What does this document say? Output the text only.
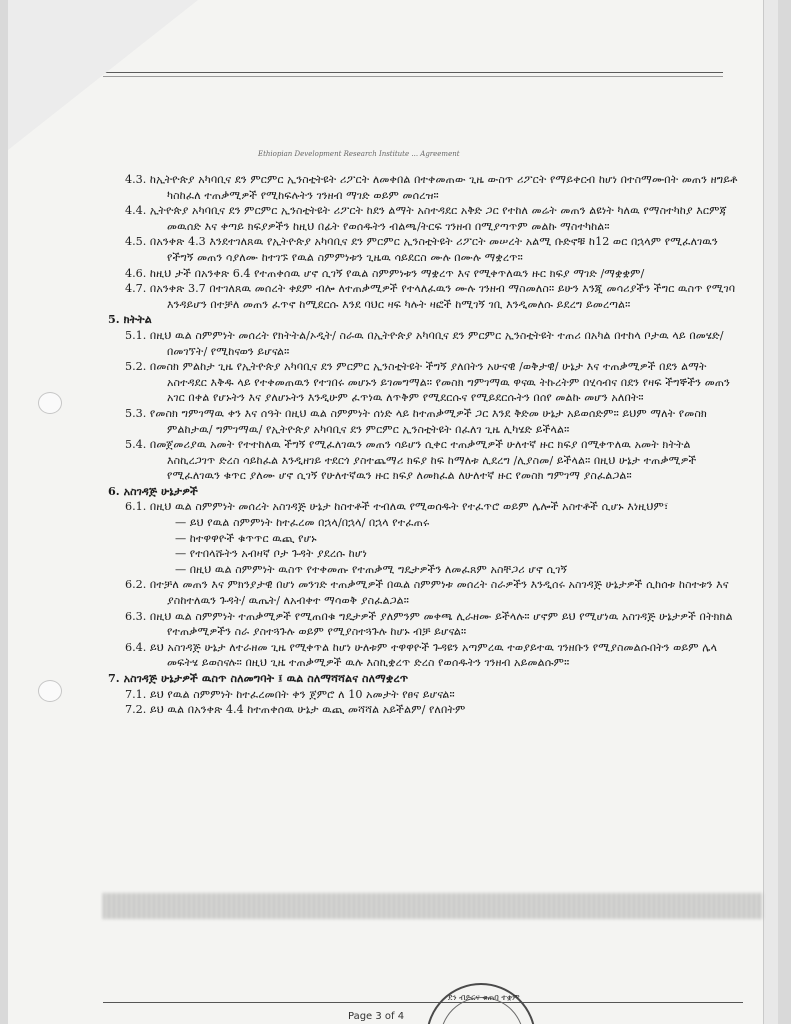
Ethiopian Development Research Institute ... Agreement

4.3. ከኢትዮጵያ አካባቢና ደን ምርምር ኢንስቲትዩት ሪፖርት ለመቀበል በተቀመጠው ጊዜ ውስጥ ሪፖርት የማይቀርብ ከሆነ በተስማሙበት መጠን ዘግይቶ ካስከፈለ ተጠቃሚዎች የሚከፍሉትን ገንዘብ ማገድ ወይም መሰረዝ።

4.4. ኢትዮጵያ አካባቢና ደን ምርምር ኢንስቲትዩት ሪፖርት ከደን ልማት አስተዳደር አቅድ ጋር የተከለ መሬት መጠን ልዩነት ካለዉ የማስተካከያ እርምጃ መዉሰድ እና ቀጣይ ክፍያዎችን ከዚህ በፊት የወሰዱትን ብልጫ/ትርፍ ገንዘብ በሚያጣጥም መልኩ ማስተካከል።

4.5. በአንቀጽ 4.3 እንደተገለጸዉ የኢትዮጵያ አካባቢና ደን ምርምር ኢንስቲትዩት ሪፖርት መሠረት አልሚ ቡድኖቹ ከ12 ወር በኋላም የሚፈለገዉን የችግኝ መጠን ሳያለሙ ከተገኙ የዉል ስምምነቱን ጊዜዉ ሳይደርስ ሙሉ በሙሉ ማቋረጥ።

4.6. ከዚህ ታች በአንቀጽ 6.4 የተጠቀሰዉ ሆኖ ሲገኝ የዉል ስምምነቱን ማቋረጥ እና የሚቀጥለዉን ዙር ክፍያ ማገድ /ማቋቋም/

4.7. በአንቀጽ 3.7 በተገለጸዉ መሰረት ቀደም ብሎ ለተጠቃሚዎች የተላለፈዉን ሙሉ ገንዘብ ማስመለስ። ይሁን እንጂ መሳሪያችን ችግር ዉስጥ የሚገባ እንዳይሆን በተቻለ መጠን ፈጥኖ ከሚደርሱ እንደ ባህር ዛፍ ካሉት ዛፎች ከሚገኝ ገቢ እንዲመለሱ ይደረግ ይመረጣል።

5. ክትትል

5.1. በዚህ ዉል ስምምነት መሰረት የክትትል/ኦዲት/ ስራዉ በኢትዮጵያ አካባቢና ደን ምርምር ኢንስቲትዩት ተጠሪ በአካል በተከላ ቦታዉ ላይ በመሄድ/ በመገኘት/ የሚከናወን ይሆናል።

5.2. በመስክ ምልከታ ጊዜ የኢትዮጵያ አካባቢና ደን ምርምር ኢንስቲትዩት ችግኝ ያለበትን አሁናዊ /ወቅታዊ/ ሁኔታ እና ተጠቃሚዎች በደን ልማት አስተዳደር እቅዱ ላይ የተቀመጠዉን የተገበሩ መሆኑን ይገመግማል። የመስክ ግምገማዉ ዋናዉ ትኩረትም በሂሳብና በደን የዛፍ ችግኞችን መጠን አገር በቀል የሆኑትን እና ያለሆኑትን እንዲሁም ፈጥነዉ ለጥቅም የሚደርሱና የሚይደርሱትን በሰየ መልኩ መሆን አለበት።

5.3. የመስክ ግምገማዉ ቀን እና ሰዓት በዚህ ዉል ስምምነት ሰነድ ላይ ከተጠቃሚዎች ጋር እንደ ቅድመ ሁኔታ አይወሰድም። ይህም ማለት የመስክ ምልከታዉ/ ግምገማዉ/ የኢትዮጵያ አካባቢና ደን ምርምር ኢንስቲትዩት በፈለገ ጊዜ ሊካሄድ ይችላል።

5.4. በመጀመሪያዉ አመት የተተከለዉ ችግኝ የሚፈለገዉን መጠን ሳይሆን ሲቀር ተጠቃሚዎች ሁለተኛ ዙር ክፍያ በሚቀጥለዉ አመት ክትትል እስኪረጋገጥ ድረስ ሳይከፈል እንዲዘገይ ተደርጎ ያስተጨማሪ ክፍያ ከፍ ከማለቱ ሊደረግ /ሊያስመ/ ይችላል። በዚህ ሁኔታ ተጠቃሚዎች የሚፈለገዉን ቁጥር ያለሙ ሆኖ ሲገኝ የሁለተኛዉን ዙር ክፍያ ለመክፈል ለሁለተኛ ዙር የመስክ ግምገማ ያስፈልጋል።

6. አስገዳጅ ሁኔታዎች

6.1. በዚህ ዉል ስምምነት መሰረት አስገዳጅ ሁኔታ ከስተቶች ተብለዉ የሚወሰዱት የተፈጥሮ ወይም ሌሎች አስተቶች ሲሆኑ እነዚህም፣

— ይህ የዉል ስምምነት ከተፈረመ በኋላ/በኋላ/ በኋላ የተፈጠሩ

— ከተዋዋዮች ቁጥጥር ዉጪ የሆኑ

— የተበላሹትን አብዛኛ ቦታ ጉዳት ያደረሱ ከሆነ

— በዚህ ዉል ስምምነት ዉስጥ የተቀመጡ የተጠቃሚ ግዴታዎችን ለመፈጸም አስቸጋሪ ሆኖ ሲገኝ

6.2. በተቻለ መጠን እና ምክንያታዊ በሆነ መንገድ ተጠቃሚዎች በዉል ስምምነቱ መሰረት ስራዎችን እንዲሰሩ አስገዳጅ ሁኔታዎች ሲከሰቱ ከስተቱን እና ያስከተለዉን ጉዳት/ ዉጤት/ ለአብቀተ ማሳወቅ ያስፈልጋል።

6.3. በዚህ ዉል ስምምነት ተጠቃሚዎች የሚጠበቁ ግዴታዎች ያለምንም መቀጫ ሊራዘሙ ይችላሉ። ሆኖም ይህ የሚሆነዉ አስገዳጅ ሁኔታዎች በትክክል የተጠቃሚዎችን ስራ ያስተጓጉሉ ወይም የሚያስተጓጉሉ ከሆኑ ብቻ ይሆናል።

6.4. ይህ አስገዳጅ ሁኔታ ለተራዘመ ጊዜ የሚቀጥል ከሆነ ሁለቱም ተዋዋዮች ጉዳዩን አጣምረዉ ተወያይተዉ ገንዘቡን የሚያስመልሱበትን ወይም ሌላ መፍትሄ ይወስናሉ። በዚህ ጊዜ ተጠቃሚዎች ዉሉ እስኪቋረጥ ድረስ የወሰዱትን ገንዘብ አይመልሱም።

7. አስገዳጅ ሁኔታዎች ዉስጥ ስለመግባት ፤ ዉል ስለማሻሻልና ስለማቋረጥ

7.1. ይህ የዉል ስምምነት ከተፈረመበት ቀን ጀምሮ ለ 10 አመታት የፀና ይሆናል።

7.2. ይህ ዉል በአንቀጽ 4.4 ከተጠቀሰዉ ሁኔታ ዉጪ መሻሻል አይችልም/ የለበትም

Page 3 of 4
ደን ብድርና ቁጠባ ተቋም
